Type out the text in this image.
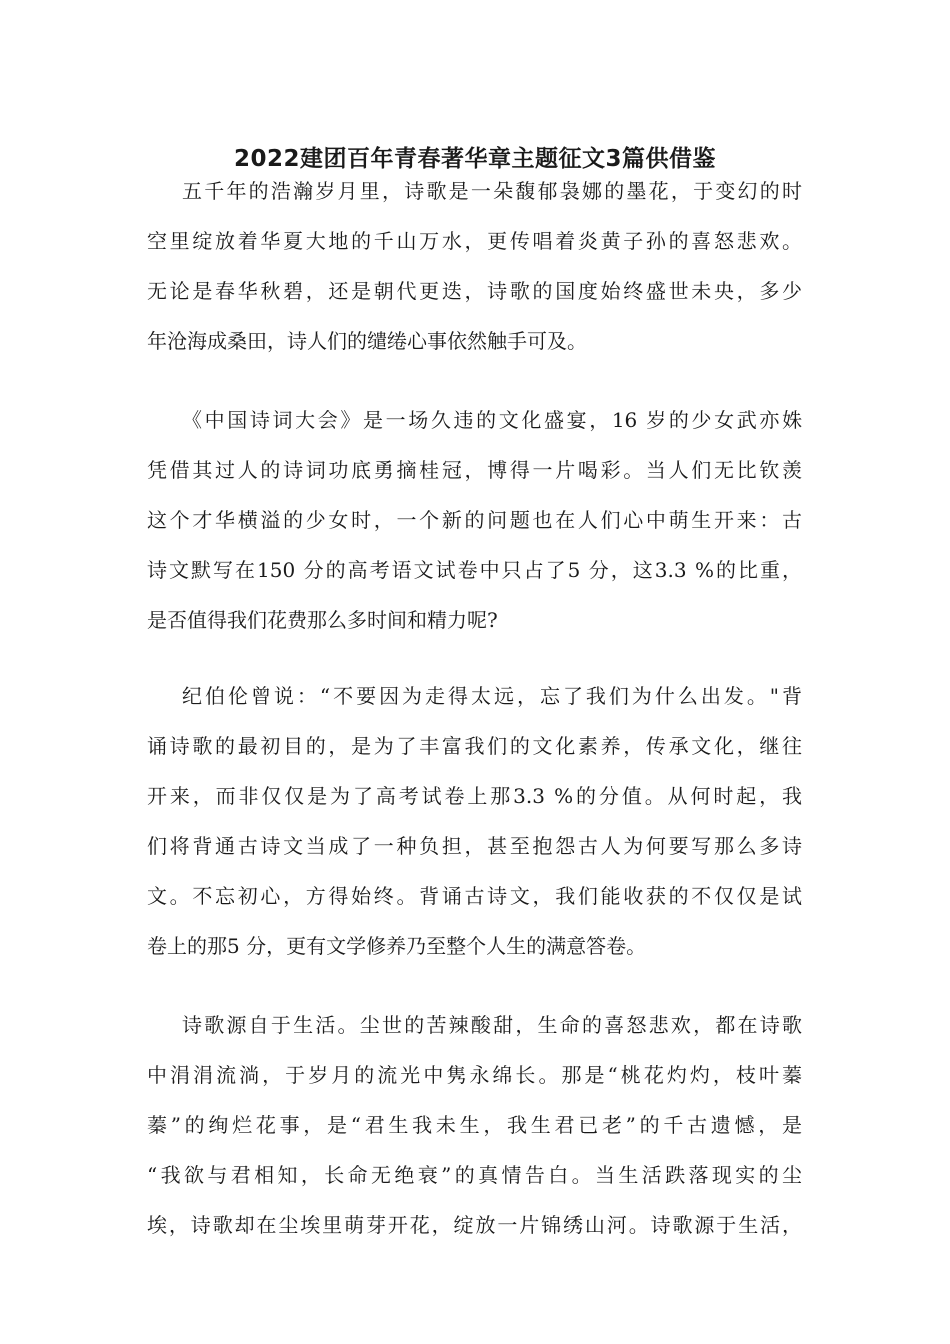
2022建团百年青春著华章主题征文3篇供借鉴
五千年的浩瀚岁月里，诗歌是一朵馥郁袅娜的墨花，于变幻的时
空里绽放着华夏大地的千山万水，更传唱着炎黄子孙的喜怒悲欢。
无论是春华秋碧，还是朝代更迭，诗歌的国度始终盛世未央，多少
年沧海成桑田，诗人们的缱绻心事依然触手可及。
《中国诗词大会》是一场久违的文化盛宴，16 岁的少女武亦姝
凭借其过人的诗词功底勇摘桂冠，博得一片喝彩。当人们无比钦羡
这个才华横溢的少女时，一个新的问题也在人们心中萌生开来：古
诗文默写在150 分的高考语文试卷中只占了5 分，这3.3 %的比重，
是否值得我们花费那么多时间和精力呢?
纪伯伦曾说：“不要因为走得太远，忘了我们为什么出发。"背
诵诗歌的最初目的，是为了丰富我们的文化素养，传承文化，继往
开来，而非仅仅是为了高考试卷上那3.3 %的分值。从何时起，我
们将背通古诗文当成了一种负担，甚至抱怨古人为何要写那么多诗
文。不忘初心，方得始终。背诵古诗文，我们能收获的不仅仅是试
卷上的那5 分，更有文学修养乃至整个人生的满意答卷。
诗歌源自于生活。尘世的苦辣酸甜，生命的喜怒悲欢，都在诗歌
中涓涓流淌，于岁月的流光中隽永绵长。那是“桃花灼灼，枝叶蓁
蓁”的绚烂花事，是“君生我未生，我生君已老”的千古遗憾，是
“我欲与君相知，长命无绝衰”的真情告白。当生活跌落现实的尘
埃，诗歌却在尘埃里萌芽开花，绽放一片锦绣山河。诗歌源于生活，
